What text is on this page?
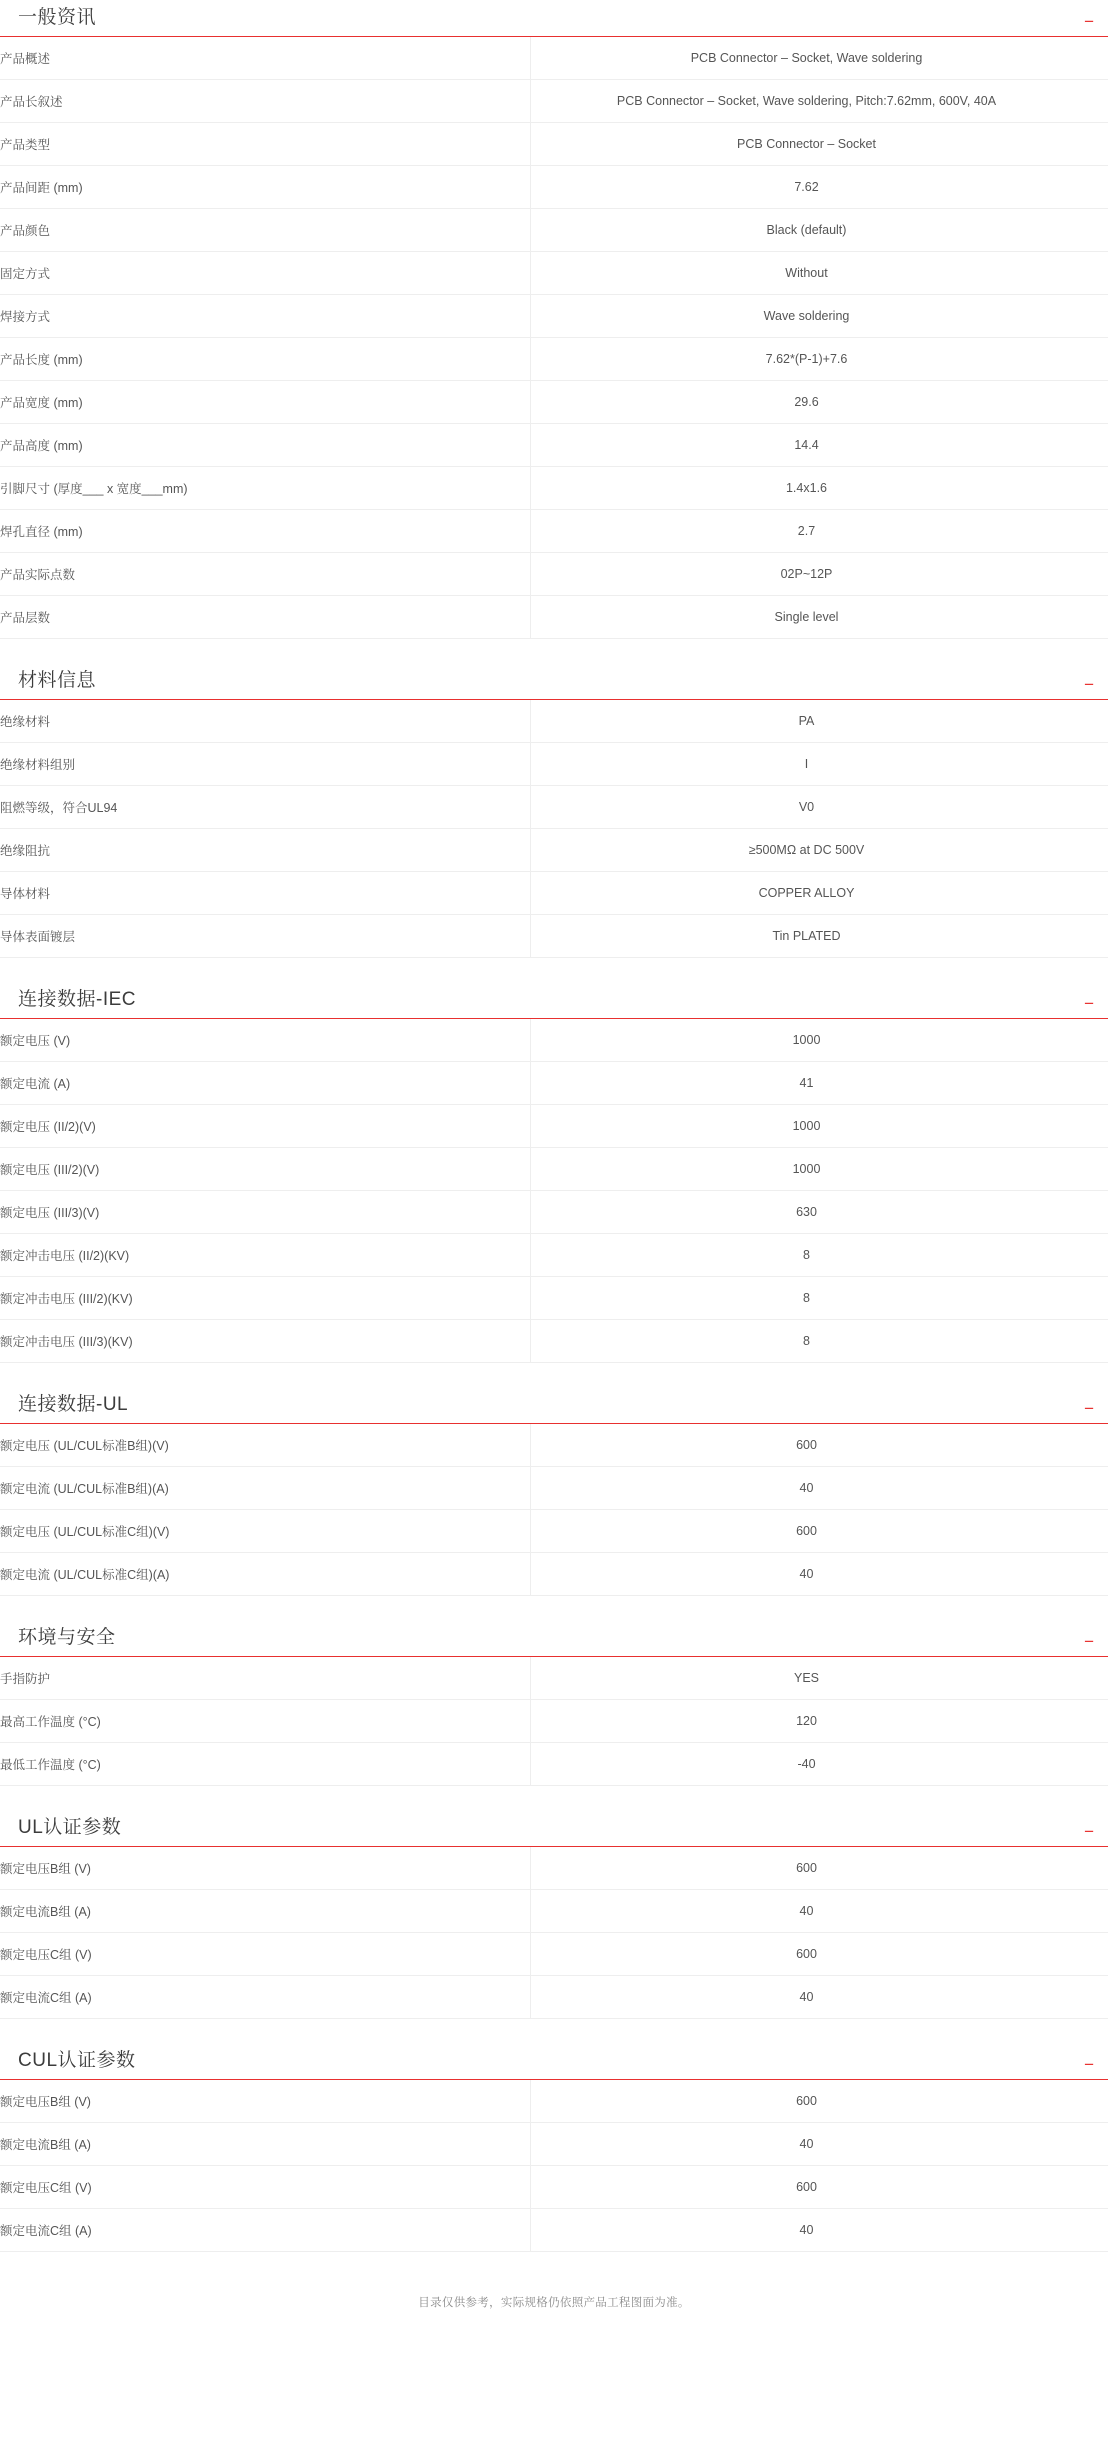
一般资讯	−
产品概述	PCB Connector – Socket, Wave soldering

产品长叙述	PCB Connector – Socket, Wave soldering, Pitch:7.62mm, 600V, 40A

产品类型	PCB Connector – Socket

产品间距 (mm)	7.62

产品颜色	Black (default)

固定方式	Without

焊接方式	Wave soldering

产品长度 (mm)	7.62*(P-1)+7.6

产品宽度 (mm)	29.6

产品高度 (mm)	14.4

引脚尺寸 (厚度___ x 宽度___mm)	1.4x1.6

焊孔直径 (mm)	2.7

产品实际点数	02P~12P

产品层数	Single level
材料信息	−
绝缘材料	PA

绝缘材料组别	I

阻燃等级，符合UL94	V0

绝缘阻抗	≥500MΩ at DC 500V

导体材料	COPPER ALLOY

导体表面镀层	Tin PLATED
连接数据-IEC	−
额定电压 (V)	1000

额定电流 (A)	41

额定电压 (II/2)(V)	1000

额定电压 (III/2)(V)	1000

额定电压 (III/3)(V)	630

额定冲击电压 (II/2)(KV)	8

额定冲击电压 (III/2)(KV)	8

额定冲击电压 (III/3)(KV)	8
连接数据-UL	−
额定电压 (UL/CUL标准B组)(V)	600

额定电流 (UL/CUL标准B组)(A)	40

额定电压 (UL/CUL标准C组)(V)	600

额定电流 (UL/CUL标准C组)(A)	40
环境与安全	−
手指防护	YES

最高工作温度 (°C)	120

最低工作温度 (°C)	-40
UL认证参数	−
额定电压B组 (V)	600

额定电流B组 (A)	40

额定电压C组 (V)	600

额定电流C组 (A)	40
CUL认证参数	−
额定电压B组 (V)	600

额定电流B组 (A)	40

额定电压C组 (V)	600

额定电流C组 (A)	40
目录仅供参考，实际规格仍依照产品工程图面为准。
